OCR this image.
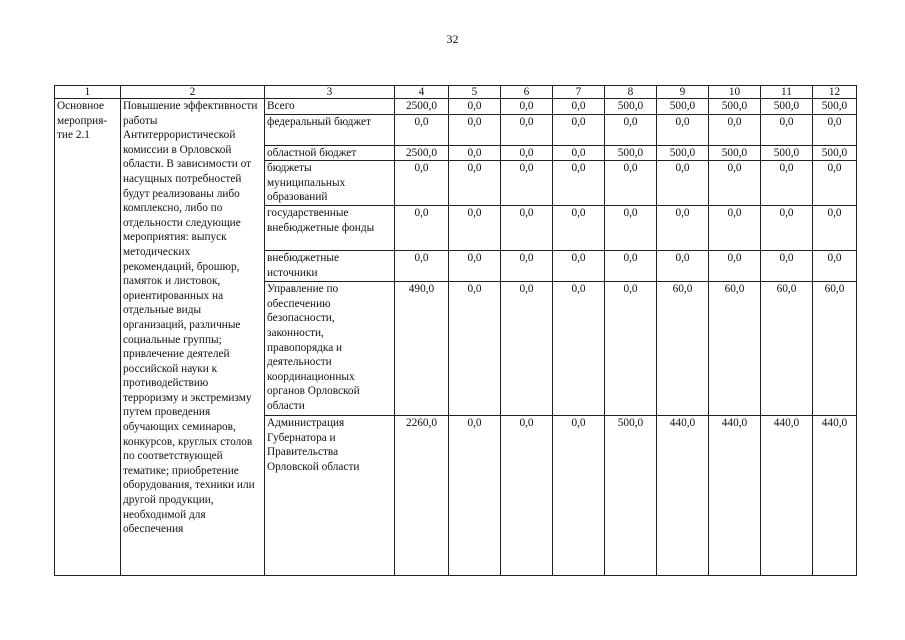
32
1	2	3	4	5	6	7	8	9	10	11	12
Основное мероприя-тие 2.1	Повышение эффективности работы Антитеррористической комиссии в Орловской области. В зависимости от насущных потребностей будут реализованы либо комплексно, либо по отдельности следующие мероприятия: выпуск методических рекомендаций, брошюр, памяток и листовок, ориентированных на отдельные виды организаций, различные социальные группы; привлечение деятелей российской науки к противодействию терроризму и экстремизму путем проведения обучающих семинаров, конкурсов, круглых столов по соответствующей тематике; приобретение оборудования, техники или другой продукции, необходимой для обеспечения	Всего	2500,0	0,0	0,0	0,0	500,0	500,0	500,0	500,0	500,0
		федеральный бюджет	0,0	0,0	0,0	0,0	0,0	0,0	0,0	0,0	0,0
		областной бюджет	2500,0	0,0	0,0	0,0	500,0	500,0	500,0	500,0	500,0
		бюджеты муниципальных образований	0,0	0,0	0,0	0,0	0,0	0,0	0,0	0,0	0,0
		государственные внебюджетные фонды	0,0	0,0	0,0	0,0	0,0	0,0	0,0	0,0	0,0
		внебюджетные источники	0,0	0,0	0,0	0,0	0,0	0,0	0,0	0,0	0,0
		Управление по обеспечению безопасности, законности, правопорядка и деятельности координационных органов Орловской области	490,0	0,0	0,0	0,0	0,0	60,0	60,0	60,0	60,0
		Администрация Губернатора и Правительства Орловской области	2260,0	0,0	0,0	0,0	500,0	440,0	440,0	440,0	440,0
